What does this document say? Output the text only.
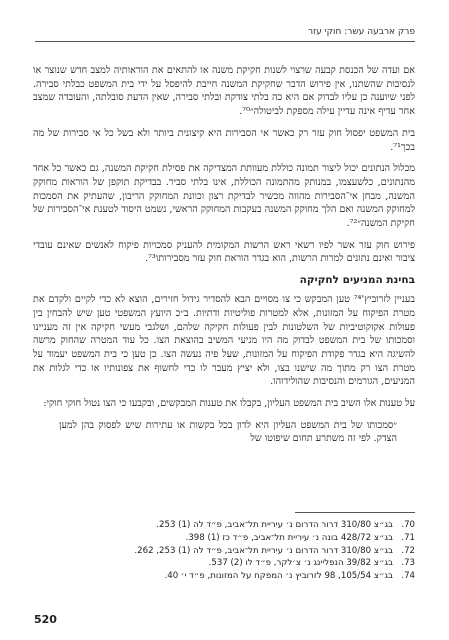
פרק ארבעה עשר: חוקי עזר

אם ועדה של הכנסת קבעה שרצוי לשנות חקיקת משנה או להתאים את הוראותיה למצב חדש שנוצר או לנסיבות שהשתנו, אין פירוש הדבר שחקיקת המשנה חייבת להיפסל על ידי בית המשפט כבלתי סבירה. לפני שיוענה כן עליו לבדוק אם היא כה בלתי צודקת ובלתי סבירה, שאין הדעת סובלתה, והעובדה שמצב אחר עדיף אינה עדיין עילה מספקת לביטולה״⁷⁰.

בית המשפט יפסול חוק עזר רק כאשר אי הסבירות היא קיצונית ביותר ולא בשל כל אי סבירות של מה בכך⁷¹.

מכלול הנתונים יכול ליצור תמונה כוללת מעוותת המצדיקה את פסילת חקיקת המשנה, גם כאשר כל אחד מהנתונים, כלשעצמו, במנותק מהתמונה הכוללת, אינו בלתי סביר. בבדיקת תוקפן של הוראות מחוקק המשנה, מבחן אי־הסבירות מהווה מכשיר לבדיקת רצון וכוונת המחוקק הריבון, שהעתיק את הסמכות למחוקק המשנה ואם הלך מחוקק המשנה בעקבות המחוקק הראשי, נשמט היסוד לטענת אי־הסבירות של חקיקת המשנה״⁷².

פירוש חוק עזר אשר לפיו רשאי ראש הרשות המקומית להעניק סמכויות פיקוח לאנשים שאינם עובדי ציבור ואינם נתונים למרות הרשות, הוא בגדר הוראת חוק עזר מסבירותו⁷³.

בחינת המניעים לחקיקה

בעניין לזרוביץ'⁷⁴ טען המבקש כי צו מסויים הבא להסדיר גידול חזירים, הוצא לא כדי לקיים ולקדם את מטרת הפיקוח על המזונות, אלא למטרות פוליטיות ודתיות. ב״כ היועץ המשפטי טען שיש להבחין בין פעולות אקזקוטיביות של השלטונות לבין פעולות חקיקה שלהם, ושלגבי מעשי חקיקה אין זה מעניינו וסמכותו של בית המשפט לבדוק מה היו מניעי המשיב בהוצאת הצו. כל עוד המטרה שהחוק מרשה להשיגה היא בגדר פקודת הפיקוח על המזונות, שעל פיה נעשה הצו. כן טען כי בית המשפט יעמוד על מטרת הצו רק מתוך מה שישנו בצו, ולא יציץ מעבר לו כדי לחשוף את צפונותיו או כדי לגלות את המניעים, הגורמים והנסיבות שהולידוהו.

על טענות אלו השיב בית המשפט העליון, בקבלו את טענות המבקשים, ובקבעו כי הצו נטול חוקי חוקי:

״סמכותו של בית המשפט העליון היא לדון בכל בקשות או עתירות שיש לפסוק בהן למען הצדק. לפי זה משתרע תחום שיפוטו של

70.בג״צ 310/80 דרור הדרום נ׳ עיריית תל־אביב, פ״ד לה (1) 253.
71.בג״צ 428/72 בונה נ׳ עיריית תל־אביב, פ״ד כז (1) 398.
72.בג״צ 310/80 דרור הדרום נ׳ עיריית תל־אביב, פ״ד לה (1) 253, 262.
73.בג״צ 39/82 הנפליינג נ׳ צ׳לקר, פ״ד לו (2) 537.
74.בג״צ 105/54, 98 לזרוביץ נ׳ המפקח על המזונות, פ״ד י׳ 40.
520
